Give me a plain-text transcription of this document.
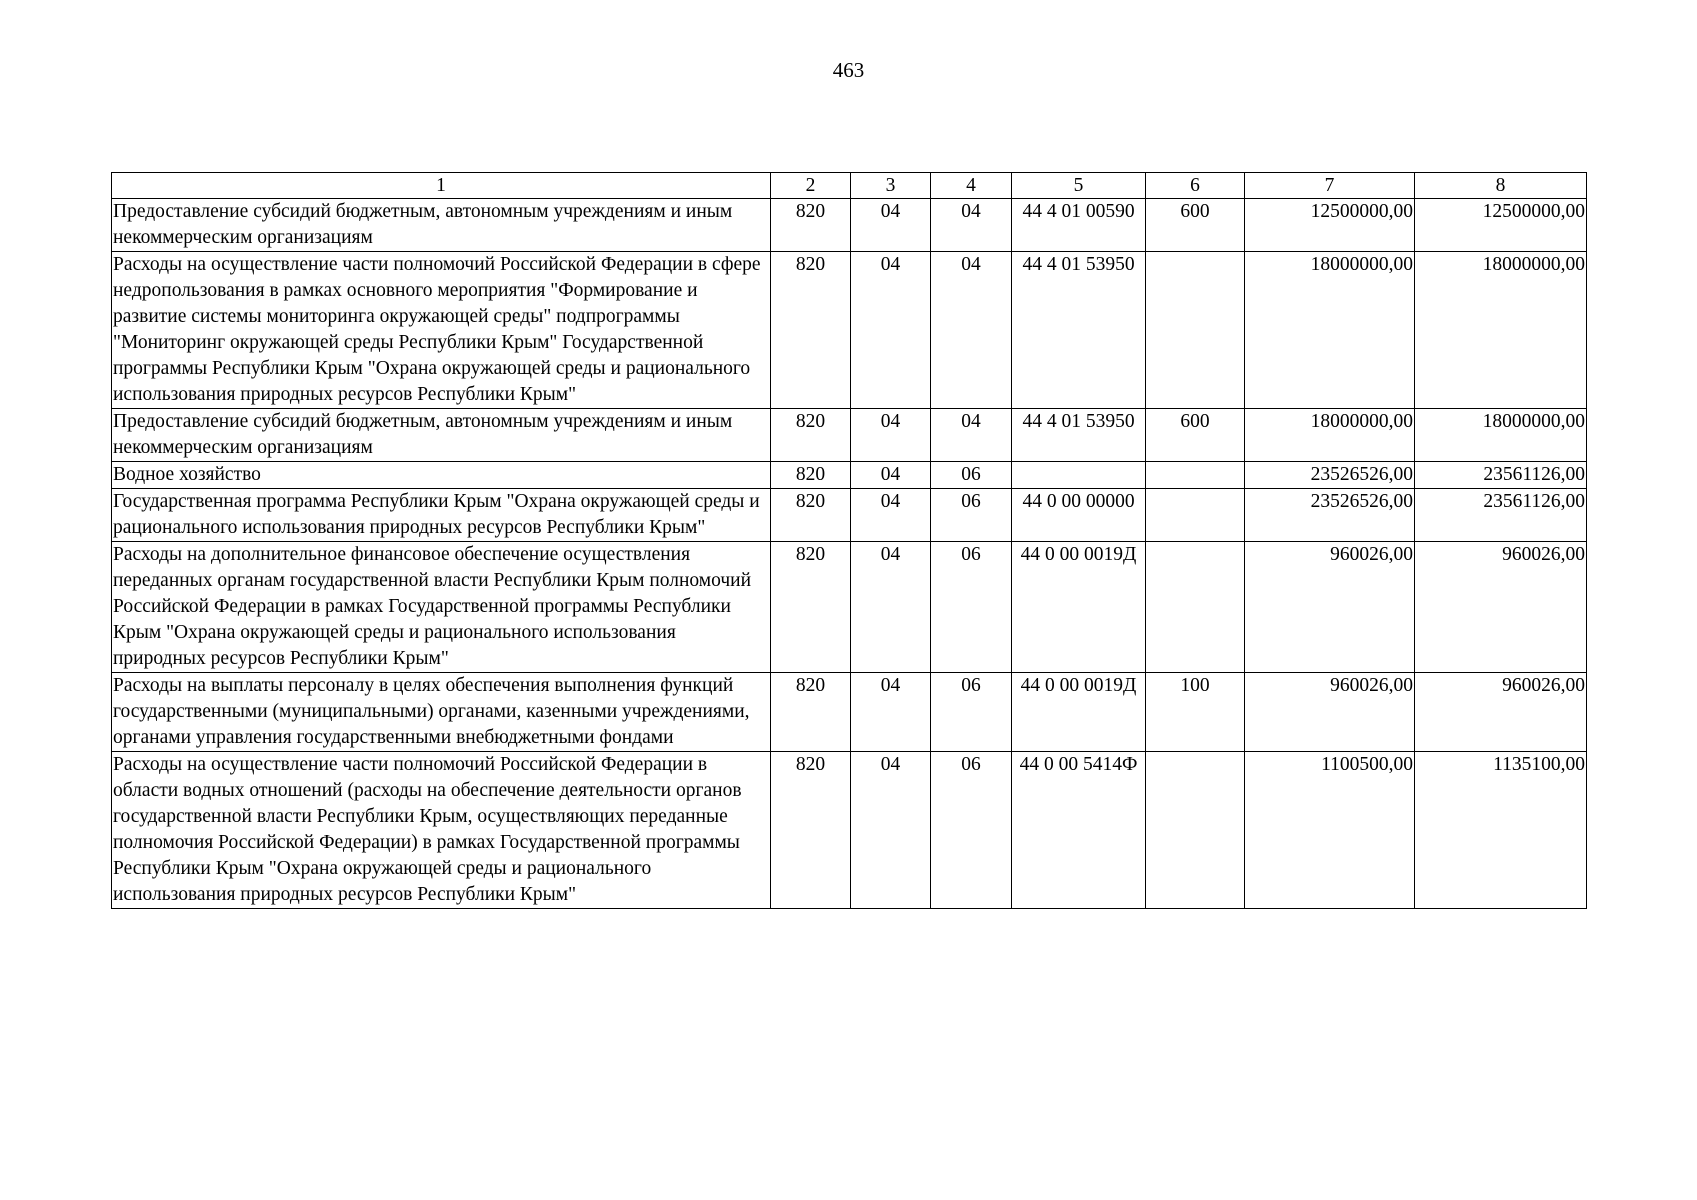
463
1	2	3	4	5	6	7	8
Предоставление субсидий бюджетным, автономным учреждениям и иным некоммерческим организациям	820	04	04	44 4 01 00590	600	12500000,00	12500000,00
Расходы на осуществление части полномочий Российской Федерации в сфере недропользования в рамках основного мероприятия "Формирование и развитие системы мониторинга окружающей среды" подпрограммы "Мониторинг окружающей среды Республики Крым" Государственной программы Республики Крым "Охрана окружающей среды и рационального использования природных ресурсов Республики Крым"	820	04	04	44 4 01 53950		18000000,00	18000000,00
Предоставление субсидий бюджетным, автономным учреждениям и иным некоммерческим организациям	820	04	04	44 4 01 53950	600	18000000,00	18000000,00
Водное хозяйство	820	04	06			23526526,00	23561126,00
Государственная программа Республики Крым "Охрана окружающей среды и рационального использования природных ресурсов Республики Крым"	820	04	06	44 0 00 00000		23526526,00	23561126,00
Расходы на дополнительное финансовое обеспечение осуществления переданных органам государственной власти Республики Крым полномочий Российской Федерации в рамках Государственной программы Республики Крым "Охрана окружающей среды и рационального использования природных ресурсов Республики Крым"	820	04	06	44 0 00 0019Д		960026,00	960026,00
Расходы на выплаты персоналу в целях обеспечения выполнения функций государственными (муниципальными) органами, казенными учреждениями, органами управления государственными внебюджетными фондами	820	04	06	44 0 00 0019Д	100	960026,00	960026,00
Расходы на осуществление части полномочий Российской Федерации в области водных отношений (расходы на обеспечение деятельности органов государственной власти Республики Крым, осуществляющих переданные полномочия Российской Федерации) в рамках Государственной программы Республики Крым "Охрана окружающей среды и рационального использования природных ресурсов Республики Крым"	820	04	06	44 0 00 5414Ф		1100500,00	1135100,00
